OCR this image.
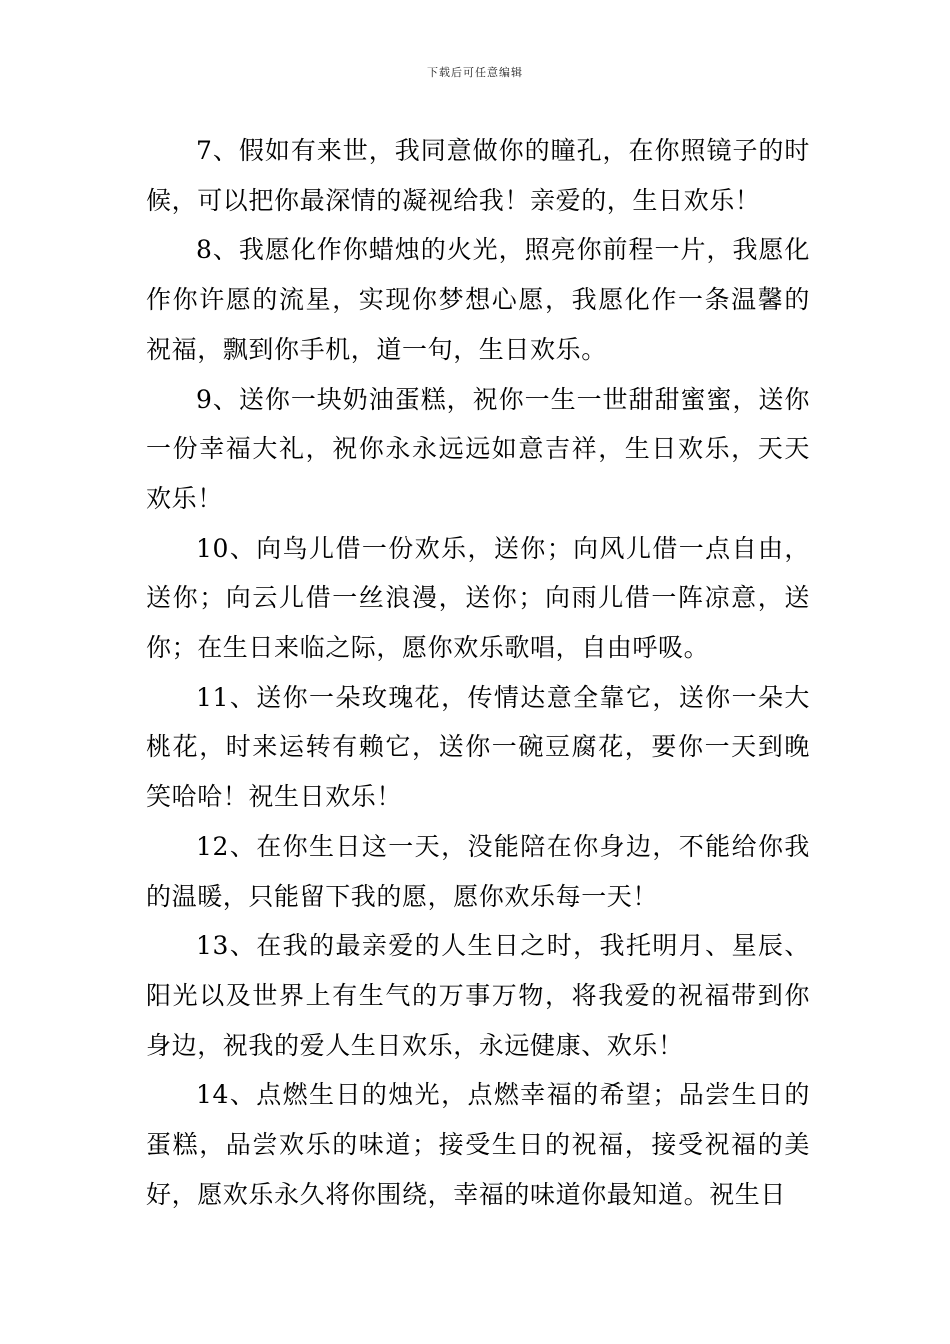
下载后可任意编辑

7、假如有来世，我同意做你的瞳孔，在你照镜子的时候，可以把你最深情的凝视给我！亲爱的，生日欢乐！

8、我愿化作你蜡烛的火光，照亮你前程一片，我愿化作你许愿的流星，实现你梦想心愿，我愿化作一条温馨的祝福，飘到你手机，道一句，生日欢乐。

9、送你一块奶油蛋糕，祝你一生一世甜甜蜜蜜，送你一份幸福大礼，祝你永永远远如意吉祥，生日欢乐，天天欢乐！

10、向鸟儿借一份欢乐，送你；向风儿借一点自由，送你；向云儿借一丝浪漫，送你；向雨儿借一阵凉意，送你；在生日来临之际，愿你欢乐歌唱，自由呼吸。

11、送你一朵玫瑰花，传情达意全靠它，送你一朵大桃花，时来运转有赖它，送你一碗豆腐花，要你一天到晚笑哈哈！祝生日欢乐！

12、在你生日这一天，没能陪在你身边，不能给你我的温暖，只能留下我的愿，愿你欢乐每一天！

13、在我的最亲爱的人生日之时，我托明月、星辰、阳光以及世界上有生气的万事万物，将我爱的祝福带到你身边，祝我的爱人生日欢乐，永远健康、欢乐！

14、点燃生日的烛光，点燃幸福的希望；品尝生日的蛋糕，品尝欢乐的味道；接受生日的祝福，接受祝福的美好，愿欢乐永久将你围绕，幸福的味道你最知道。祝生日
